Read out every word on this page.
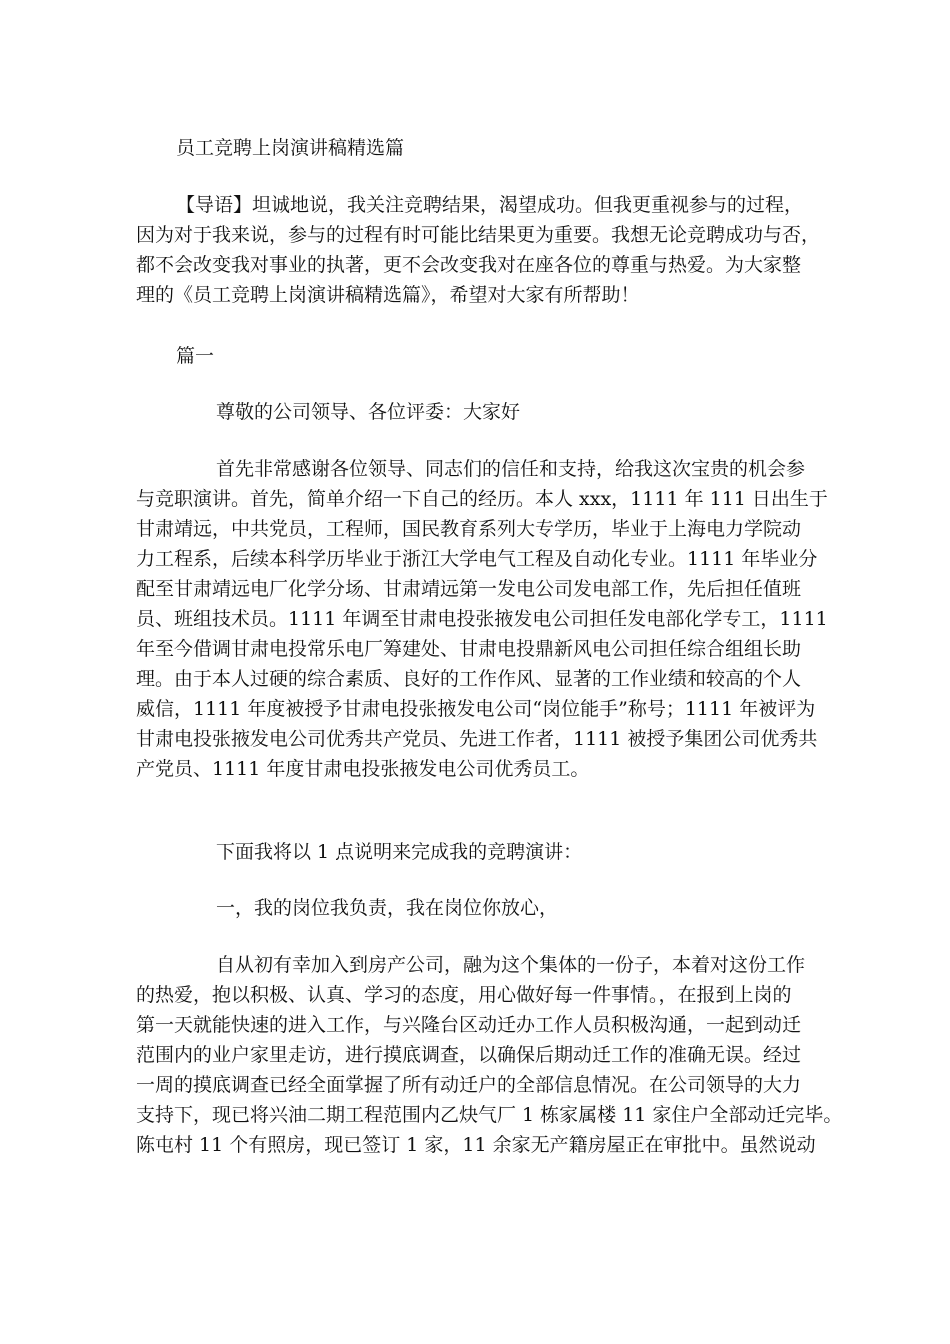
员工竞聘上岗演讲稿精选篇
【导语】坦诚地说，我关注竞聘结果，渴望成功。但我更重视参与的过程，
因为对于我来说，参与的过程有时可能比结果更为重要。我想无论竞聘成功与否，
都不会改变我对事业的执著，更不会改变我对在座各位的尊重与热爱。为大家整
理的《员工竞聘上岗演讲稿精选篇》，希望对大家有所帮助！
篇一
尊敬的公司领导、各位评委：大家好
首先非常感谢各位领导、同志们的信任和支持，给我这次宝贵的机会参
与竞职演讲。首先，简单介绍一下自己的经历。本人 xxx，1111 年 111 日出生于
甘肃靖远，中共党员，工程师，国民教育系列大专学历，毕业于上海电力学院动
力工程系，后续本科学历毕业于浙江大学电气工程及自动化专业。1111 年毕业分
配至甘肃靖远电厂化学分场、甘肃靖远第一发电公司发电部工作，先后担任值班
员、班组技术员。1111 年调至甘肃电投张掖发电公司担任发电部化学专工，1111
年至今借调甘肃电投常乐电厂筹建处、甘肃电投鼎新风电公司担任综合组组长助
理。由于本人过硬的综合素质、良好的工作作风、显著的工作业绩和较高的个人
威信，1111 年度被授予甘肃电投张掖发电公司“岗位能手”称号；1111 年被评为
甘肃电投张掖发电公司优秀共产党员、先进工作者，1111 被授予集团公司优秀共
产党员、1111 年度甘肃电投张掖发电公司优秀员工。
下面我将以 1 点说明来完成我的竞聘演讲：
一，我的岗位我负责，我在岗位你放心，
自从初有幸加入到房产公司，融为这个集体的一份子，本着对这份工作
的热爱，抱以积极、认真、学习的态度，用心做好每一件事情。，在报到上岗的
第一天就能快速的进入工作，与兴隆台区动迁办工作人员积极沟通，一起到动迁
范围内的业户家里走访，进行摸底调查，以确保后期动迁工作的准确无误。经过
一周的摸底调查已经全面掌握了所有动迁户的全部信息情况。在公司领导的大力
支持下，现已将兴油二期工程范围内乙炔气厂 1 栋家属楼 11 家住户全部动迁完毕。
陈屯村 11 个有照房，现已签订 1 家，11 余家无产籍房屋正在审批中。虽然说动
